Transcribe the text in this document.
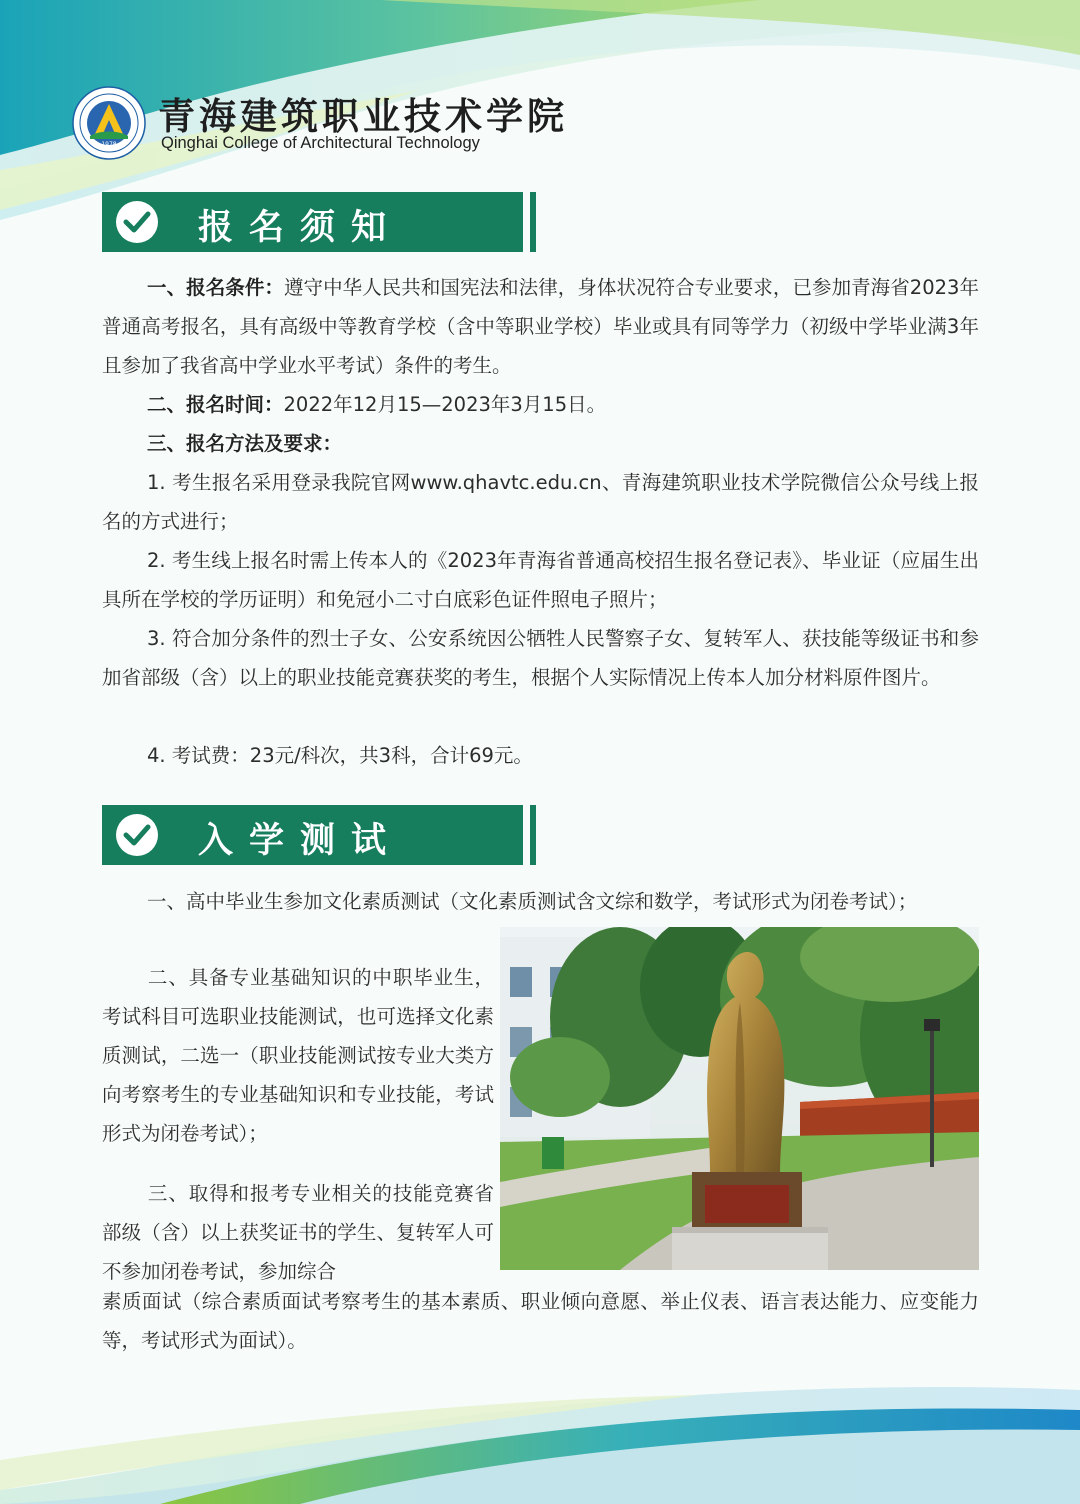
1978
青海建筑职业技术学院
Qinghai College of Architectural Technology
报名须知
一、报名条件：遵守中华人民共和国宪法和法律，身体状况符合专业要求，已参加青海省2023年普通高考报名，具有高级中等教育学校（含中等职业学校）毕业或具有同等学力（初级中学毕业满3年且参加了我省高中学业水平考试）条件的考生。
二、报名时间：2022年12月15—2023年3月15日。
三、报名方法及要求：
1. 考生报名采用登录我院官网www.qhavtc.edu.cn、青海建筑职业技术学院微信公众号线上报名的方式进行；
2. 考生线上报名时需上传本人的《2023年青海省普通高校招生报名登记表》、毕业证（应届生出具所在学校的学历证明）和免冠小二寸白底彩色证件照电子照片；
3. 符合加分条件的烈士子女、公安系统因公牺牲人民警察子女、复转军人、获技能等级证书和参加省部级（含）以上的职业技能竞赛获奖的考生，根据个人实际情况上传本人加分材料原件图片。
4. 考试费：23元/科次，共3科，合计69元。
入学测试
一、高中毕业生参加文化素质测试（文化素质测试含文综和数学，考试形式为闭卷考试）；
二、具备专业基础知识的中职毕业生，考试科目可选职业技能测试，也可选择文化素质测试，二选一（职业技能测试按专业大类方向考察考生的专业基础知识和专业技能，考试形式为闭卷考试）；
三、取得和报考专业相关的技能竞赛省部级（含）以上获奖证书的学生、复转军人可不参加闭卷考试，参加综合
素质面试（综合素质面试考察考生的基本素质、职业倾向意愿、举止仪表、语言表达能力、应变能力等，考试形式为面试）。
